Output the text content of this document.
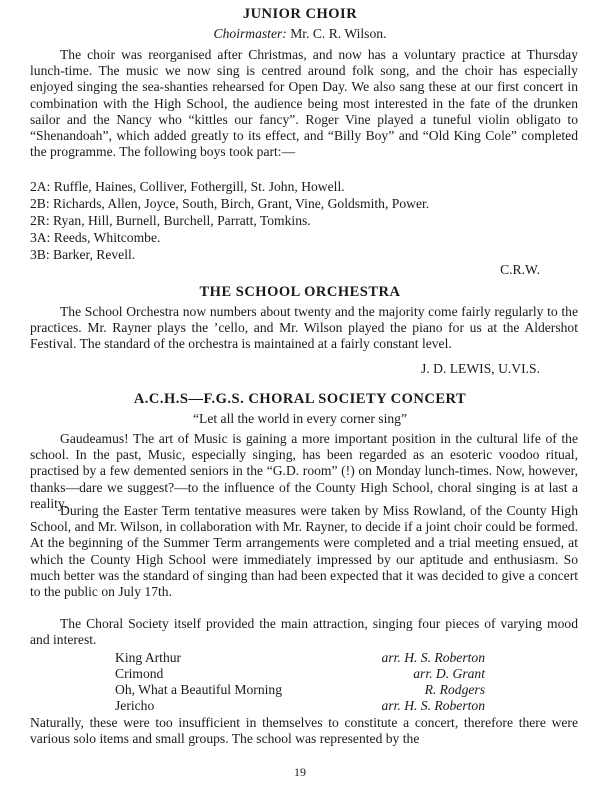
JUNIOR CHOIR
Choirmaster: Mr. C. R. Wilson.

The choir was reorganised after Christmas, and now has a voluntary practice at Thursday lunch-time. The music we now sing is centred around folk song, and the choir has especially enjoyed singing the sea-shanties rehearsed for Open Day. We also sang these at our first concert in combination with the High School, the audience being most interested in the fate of the drunken sailor and the Nancy who “kittles our fancy”. Roger Vine played a tuneful violin obligato to “Shenandoah”, which added greatly to its effect, and “Billy Boy” and “Old King Cole” completed the programme. The following boys took part:—

2A: Ruffle, Haines, Colliver, Fothergill, St. John, Howell.

2B: Richards, Allen, Joyce, South, Birch, Grant, Vine, Goldsmith, Power.

2R: Ryan, Hill, Burnell, Burchell, Parratt, Tomkins.

3A: Reeds, Whitcombe.

3B: Barker, Revell.

C.R.W.
THE SCHOOL ORCHESTRA

The School Orchestra now numbers about twenty and the majority come fairly regularly to the practices. Mr. Rayner plays the ’cello, and Mr. Wilson played the piano for us at the Aldershot Festival. The standard of the orchestra is maintained at a fairly constant level.

J. D. LEWIS, U.VI.S.
A.C.H.S—F.G.S. CHORAL SOCIETY CONCERT
“Let all the world in every corner sing”

Gaudeamus! The art of Music is gaining a more important position in the cultural life of the school. In the past, Music, especially singing, has been regarded as an esoteric voodoo ritual, practised by a few demented seniors in the “G.D. room” (!) on Monday lunch-times. Now, however, thanks—dare we suggest?—to the influence of the County High School, choral singing is at last a reality.

During the Easter Term tentative measures were taken by Miss Rowland, of the County High School, and Mr. Wilson, in collaboration with Mr. Rayner, to decide if a joint choir could be formed. At the beginning of the Summer Term arrangements were completed and a trial meeting ensued, at which the County High School were immediately impressed by our aptitude and enthusiasm. So much better was the standard of singing than had been expected that it was decided to give a concert to the public on July 17th.

The Choral Society itself provided the main attraction, singing four pieces of varying mood and interest.

King Arthur	arr. H. S. Roberton
Crimond	arr. D. Grant
Oh, What a Beautiful Morning	R. Rodgers
Jericho	arr. H. S. Roberton

Naturally, these were too insufficient in themselves to constitute a concert, therefore there were various solo items and small groups. The school was represented by the

19
